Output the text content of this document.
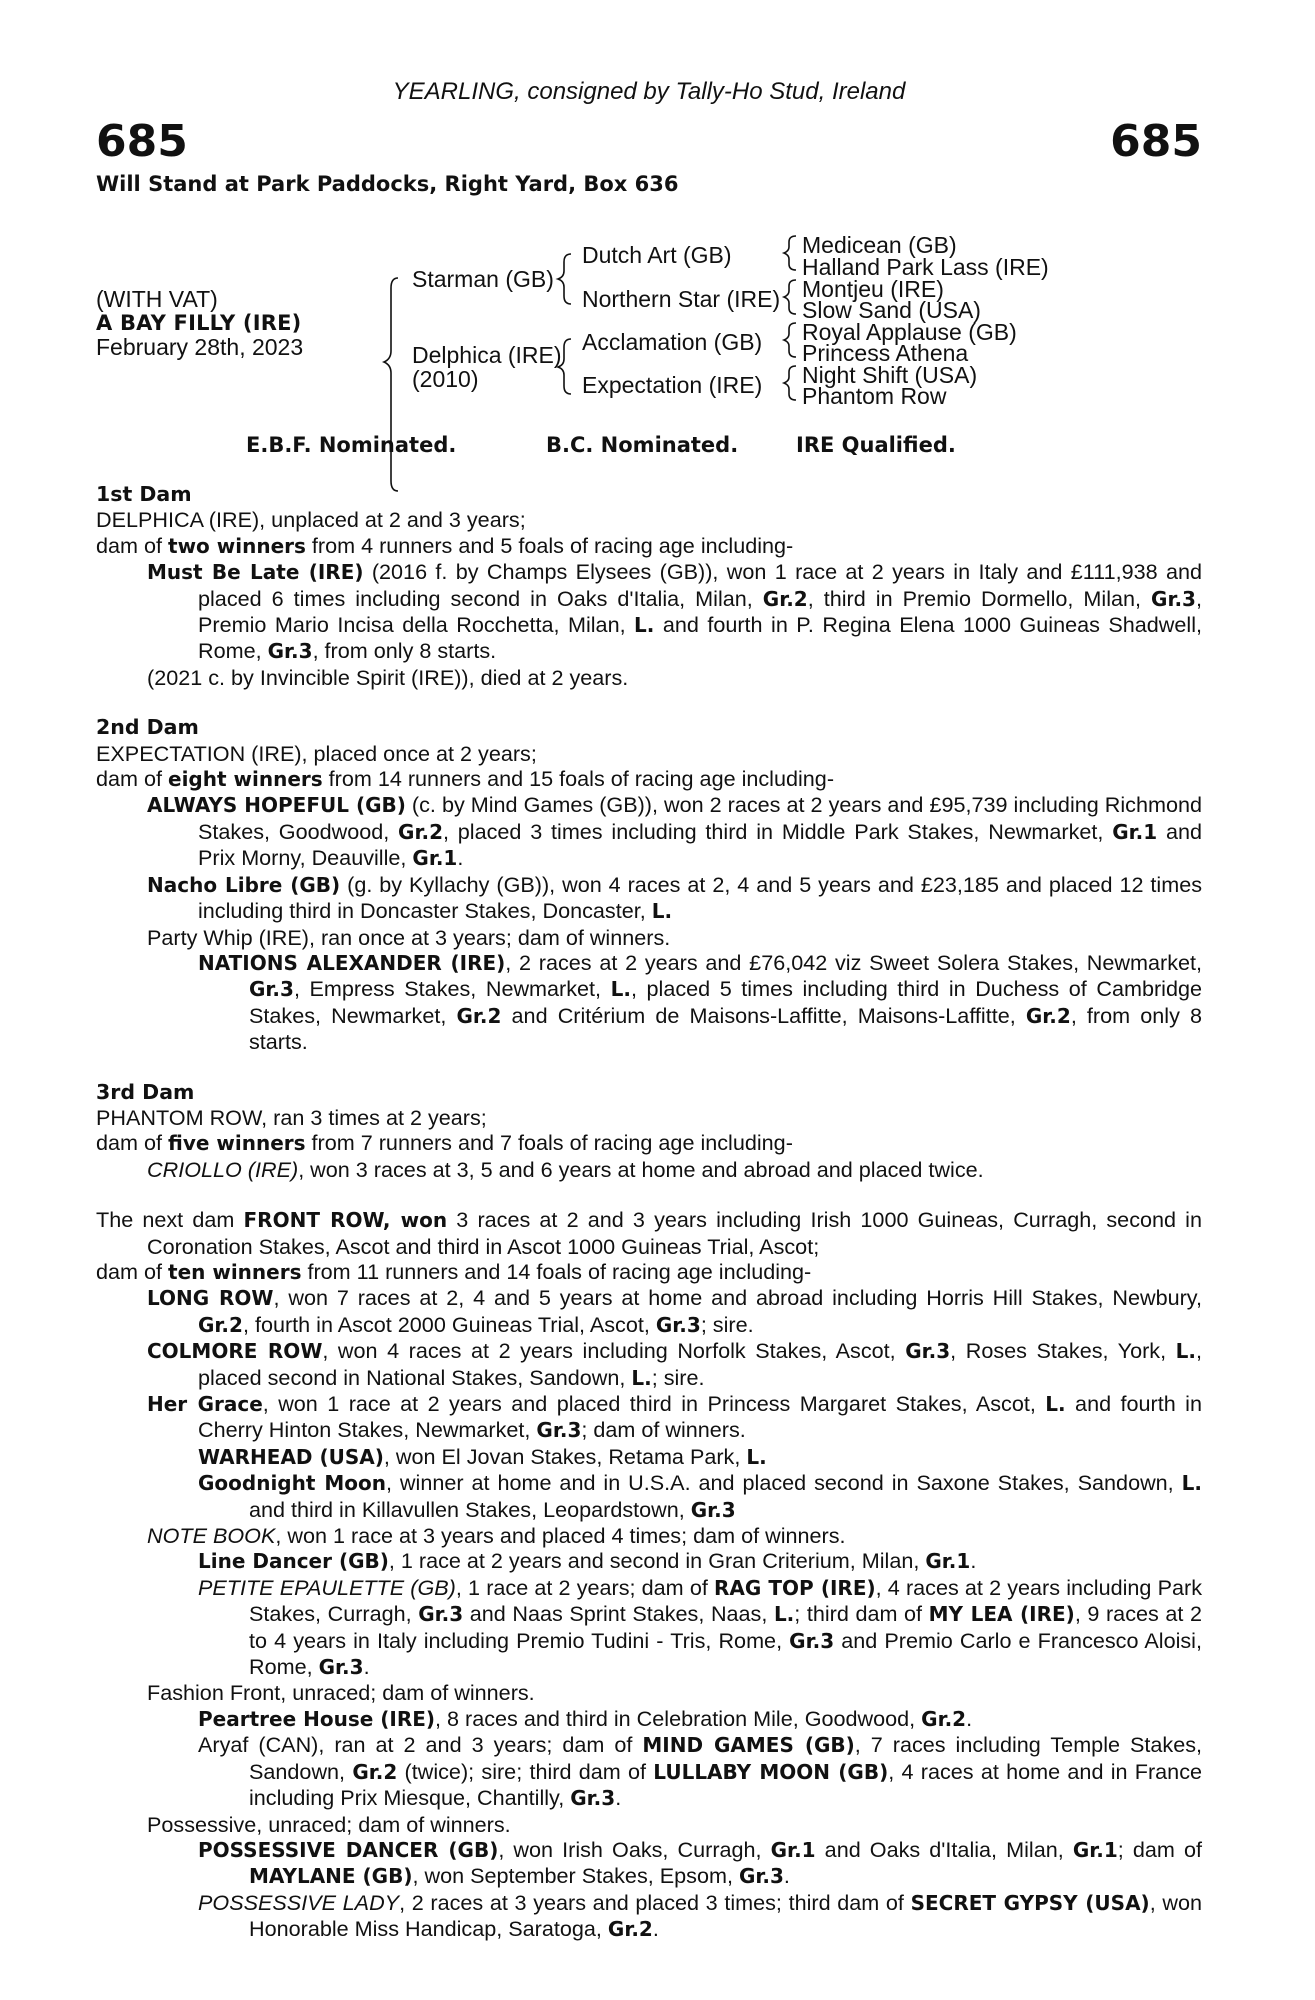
YEARLING, consigned by Tally-Ho Stud, Ireland
685	685
Will Stand at Park Paddocks, Right Yard, Box 636
(WITH VAT)
A BAY FILLY (IRE)
February 28th, 2023
Starman (GB)
Delphica (IRE)
(2010)
Dutch Art (GB)
Northern Star (IRE)
Acclamation (GB)
Expectation (IRE)
Medicean (GB)
Halland Park Lass (IRE)
Montjeu (IRE)
Slow Sand (USA)
Royal Applause (GB)
Princess Athena
Night Shift (USA)
Phantom Row
E.B.F. Nominated.	B.C. Nominated.	IRE Qualified.
1st Dam
DELPHICA (IRE), unplaced at 2 and 3 years;
dam of two winners from 4 runners and 5 foals of racing age including-
Must Be Late (IRE) (2016 f. by Champs Elysees (GB)), won 1 race at 2 years in Italy and £111,938 and placed 6 times including second in Oaks d'Italia, Milan, Gr.2, third in Premio Dormello, Milan, Gr.3, Premio Mario Incisa della Rocchetta, Milan, L. and fourth in P. Regina Elena 1000 Guineas Shadwell, Rome, Gr.3, from only 8 starts.
(2021 c. by Invincible Spirit (IRE)), died at 2 years.
2nd Dam
EXPECTATION (IRE), placed once at 2 years;
dam of eight winners from 14 runners and 15 foals of racing age including-
ALWAYS HOPEFUL (GB) (c. by Mind Games (GB)), won 2 races at 2 years and £95,739 including Richmond Stakes, Goodwood, Gr.2, placed 3 times including third in Middle Park Stakes, Newmarket, Gr.1 and Prix Morny, Deauville, Gr.1.
Nacho Libre (GB) (g. by Kyllachy (GB)), won 4 races at 2, 4 and 5 years and £23,185 and placed 12 times including third in Doncaster Stakes, Doncaster, L.
Party Whip (IRE), ran once at 3 years; dam of winners.
NATIONS ALEXANDER (IRE), 2 races at 2 years and £76,042 viz Sweet Solera Stakes, Newmarket, Gr.3, Empress Stakes, Newmarket, L., placed 5 times including third in Duchess of Cambridge Stakes, Newmarket, Gr.2 and Critérium de Maisons-Laffitte, Maisons-Laffitte, Gr.2, from only 8 starts.
3rd Dam
PHANTOM ROW, ran 3 times at 2 years;
dam of five winners from 7 runners and 7 foals of racing age including-
CRIOLLO (IRE), won 3 races at 3, 5 and 6 years at home and abroad and placed twice.
The next dam FRONT ROW, won 3 races at 2 and 3 years including Irish 1000 Guineas, Curragh, second in Coronation Stakes, Ascot and third in Ascot 1000 Guineas Trial, Ascot;
dam of ten winners from 11 runners and 14 foals of racing age including-
LONG ROW, won 7 races at 2, 4 and 5 years at home and abroad including Horris Hill Stakes, Newbury, Gr.2, fourth in Ascot 2000 Guineas Trial, Ascot, Gr.3; sire.
COLMORE ROW, won 4 races at 2 years including Norfolk Stakes, Ascot, Gr.3, Roses Stakes, York, L., placed second in National Stakes, Sandown, L.; sire.
Her Grace, won 1 race at 2 years and placed third in Princess Margaret Stakes, Ascot, L. and fourth in Cherry Hinton Stakes, Newmarket, Gr.3; dam of winners.
WARHEAD (USA), won El Jovan Stakes, Retama Park, L.
Goodnight Moon, winner at home and in U.S.A. and placed second in Saxone Stakes, Sandown, L. and third in Killavullen Stakes, Leopardstown, Gr.3
NOTE BOOK, won 1 race at 3 years and placed 4 times; dam of winners.
Line Dancer (GB), 1 race at 2 years and second in Gran Criterium, Milan, Gr.1.
PETITE EPAULETTE (GB), 1 race at 2 years; dam of RAG TOP (IRE), 4 races at 2 years including Park Stakes, Curragh, Gr.3 and Naas Sprint Stakes, Naas, L.; third dam of MY LEA (IRE), 9 races at 2 to 4 years in Italy including Premio Tudini - Tris, Rome, Gr.3 and Premio Carlo e Francesco Aloisi, Rome, Gr.3.
Fashion Front, unraced; dam of winners.
Peartree House (IRE), 8 races and third in Celebration Mile, Goodwood, Gr.2.
Aryaf (CAN), ran at 2 and 3 years; dam of MIND GAMES (GB), 7 races including Temple Stakes, Sandown, Gr.2 (twice); sire; third dam of LULLABY MOON (GB), 4 races at home and in France including Prix Miesque, Chantilly, Gr.3.
Possessive, unraced; dam of winners.
POSSESSIVE DANCER (GB), won Irish Oaks, Curragh, Gr.1 and Oaks d'Italia, Milan, Gr.1; dam of MAYLANE (GB), won September Stakes, Epsom, Gr.3.
POSSESSIVE LADY, 2 races at 3 years and placed 3 times; third dam of SECRET GYPSY (USA), won Honorable Miss Handicap, Saratoga, Gr.2.
